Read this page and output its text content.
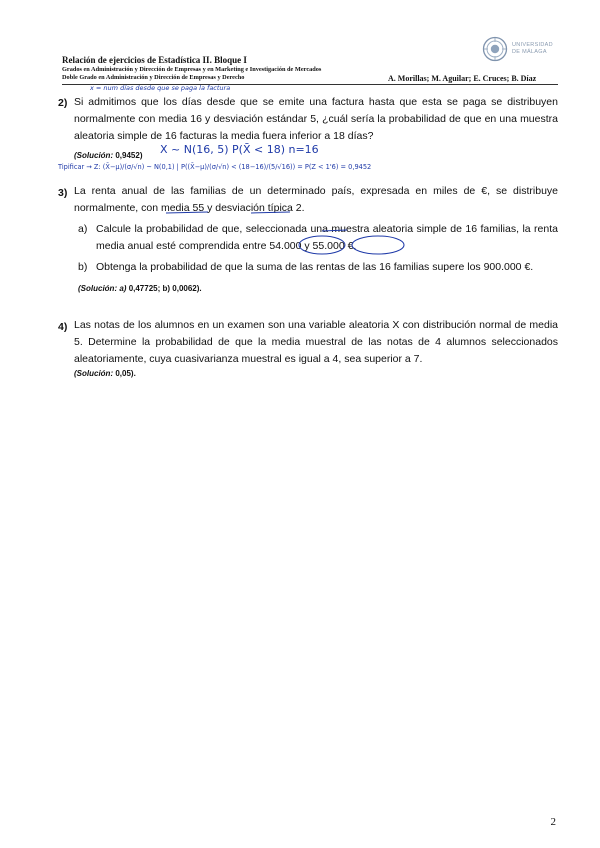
Relación de ejercicios de Estadística II. Bloque I
Grados en Administración y Dirección de Empresas y en Marketing e Investigación de Mercados
Doble Grado en Administración y Dirección de Empresas y Derecho	A. Morillas; M. Aguilar; E. Cruces; B. Díaz
UNIVERSIDAD
DE MÁLAGA
x = num días desde que se paga la factura
2) Si admitimos que los días desde que se emite una factura hasta que esta se paga se distribuyen normalmente con media 16 y desviación estándar 5, ¿cuál sería la probabilidad de que en una muestra aleatoria simple de 16 facturas la media fuera inferior a 18 días?
(Solución: 0,9452) X ~ N(16, 5) P(X̄ < 18) n=16
Tipificar → Z: (X̄−μ)/(σ/√n) ~ N(0,1) | P((X̄−μ)/(σ/√n) < (18−16)/(5/√16)) = P(Z < 1'6) = 0,9452
3) La renta anual de las familias de un determinado país, expresada en miles de €, se distribuye normalmente, con media 55 y desviación típica 2.
a) Calcule la probabilidad de que, seleccionada una muestra aleatoria simple de 16 familias, la renta media anual esté comprendida entre 54.000 y 55.000 €.
b) Obtenga la probabilidad de que la suma de las rentas de las 16 familias supere los 900.000 €.
(Solución: a) 0,47725; b) 0,0062).
4) Las notas de los alumnos en un examen son una variable aleatoria X con distribución normal de media 5. Determine la probabilidad de que la media muestral de las notas de 4 alumnos seleccionados aleatoriamente, cuya cuasivarianza muestral es igual a 4, sea superior a 7.
(Solución: 0,05).
2
